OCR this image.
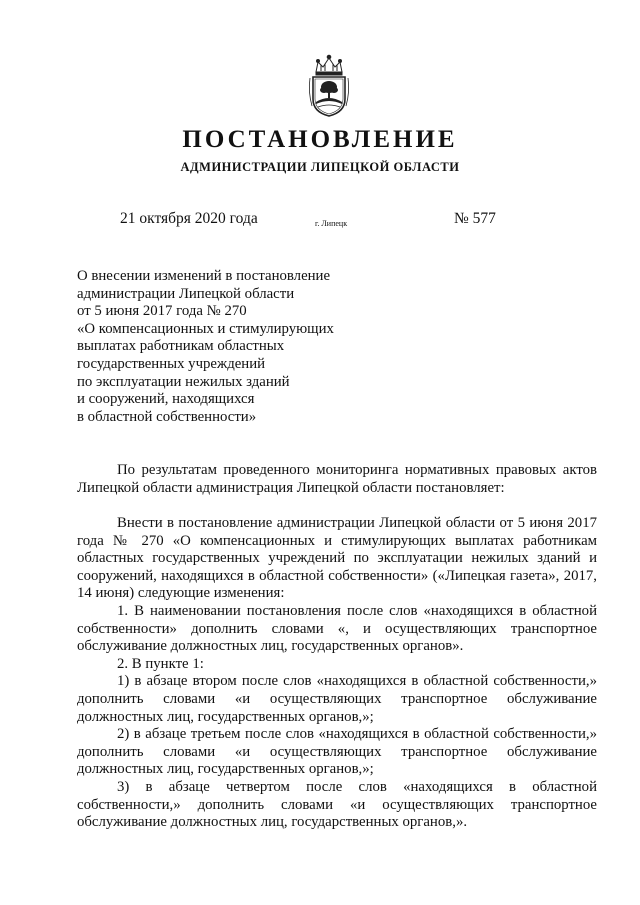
ПОСТАНОВЛЕНИЕ
АДМИНИСТРАЦИИ ЛИПЕЦКОЙ ОБЛАСТИ
21 октября 2020 года	г. Липецк	№ 577
О внесении изменений в постановление
администрации Липецкой области
от 5 июня 2017 года № 270
«О компенсационных и стимулирующих
выплатах работникам областных
государственных учреждений
по эксплуатации нежилых зданий
и сооружений, находящихся
в областной собственности»

По результатам проведенного мониторинга нормативных правовых актов Липецкой области администрация Липецкой области постановляет:

Внести в постановление администрации Липецкой области от 5 июня 2017 года № 270 «О компенсационных и стимулирующих выплатах работникам областных государственных учреждений по эксплуатации нежилых зданий и сооружений, находящихся в областной собственности» («Липецкая газета», 2017, 14 июня) следующие изменения:

1. В наименовании постановления после слов «находящихся в областной собственности» дополнить словами «, и осуществляющих транспортное обслуживание должностных лиц, государственных органов».

2. В пункте 1:

1) в абзаце втором после слов «находящихся в областной собственности,» дополнить словами «и осуществляющих транспортное обслуживание должностных лиц, государственных органов,»;

2) в абзаце третьем после слов «находящихся в областной собственности,» дополнить словами «и осуществляющих транспортное обслуживание должностных лиц, государственных органов,»;

3) в абзаце четвертом после слов «находящихся в областной собственности,» дополнить словами «и осуществляющих транспортное обслуживание должностных лиц, государственных органов,».
